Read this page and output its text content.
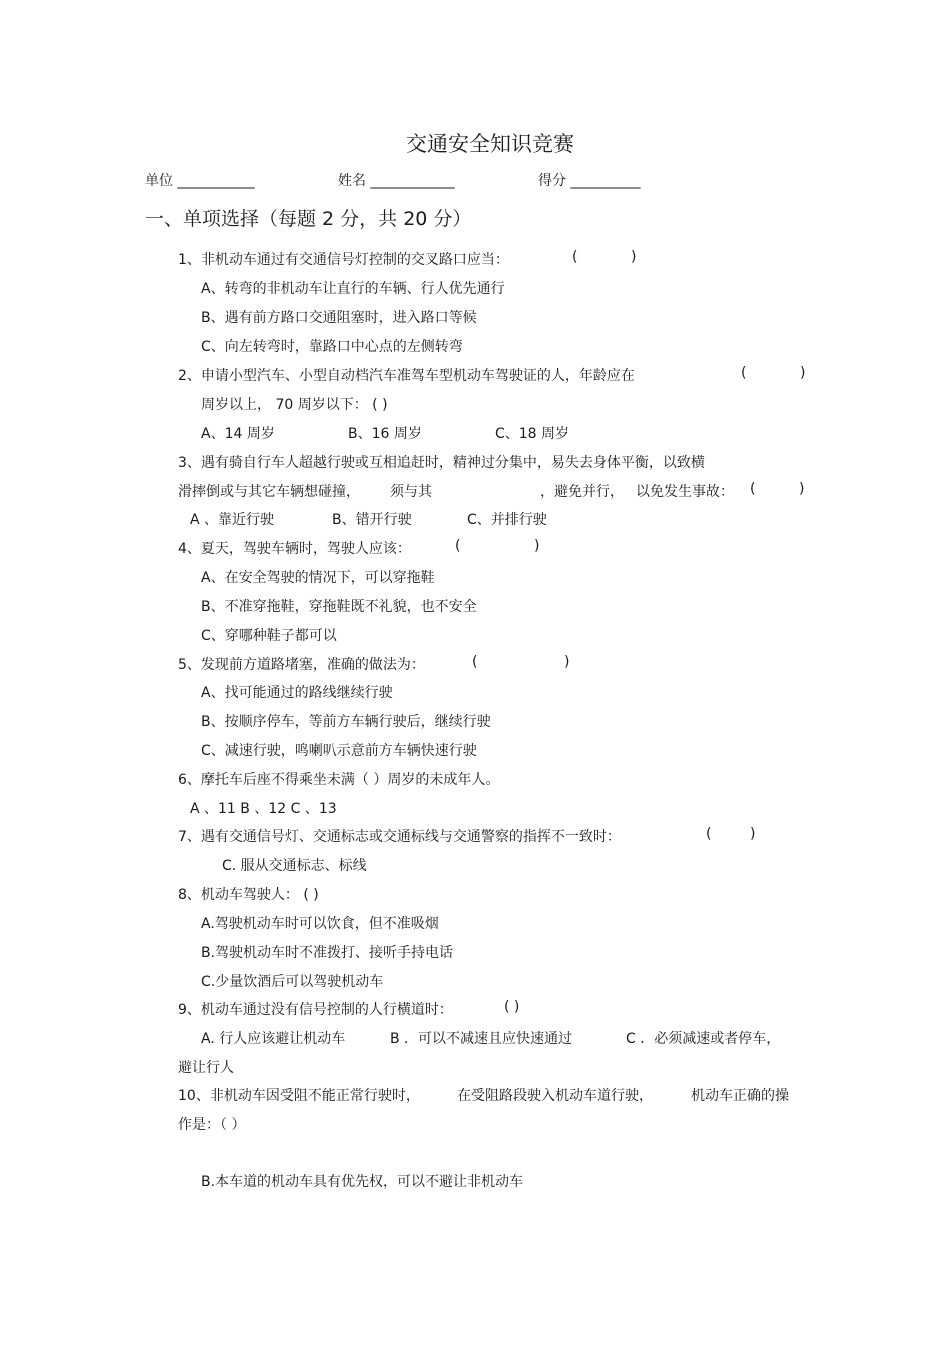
交通安全知识竞赛
单位 ___________	姓名 ____________	得分 __________
一、单项选择（每题 2 分，共 20 分）
1、非机动车通过有交通信号灯控制的交叉路口应当：	(	)
A、转弯的非机动车让直行的车辆、行人优先通行
B、遇有前方路口交通阻塞时，进入路口等候
C、向左转弯时，靠路口中心点的左侧转弯
2、申请小型汽车、小型自动档汽车准驾车型机动车驾驶证的人，年龄应在	(	)
周岁以上， 70 周岁以下： ( )
A、14 周岁	B、16 周岁	C、18 周岁
3、遇有骑自行车人超越行驶或互相追赶时，精神过分集中，易失去身体平衡，以致横
滑摔倒或与其它车辆想碰撞， 须与其	，避免并行， 以免发生事故： (	)
A 、靠近行驶	B、错开行驶	C、并排行驶
4、夏天，驾驶车辆时，驾驶人应该：	(	)
A、在安全驾驶的情况下，可以穿拖鞋
B、不准穿拖鞋，穿拖鞋既不礼貌，也不安全
C、穿哪种鞋子都可以
5、发现前方道路堵塞，准确的做法为：	(	)
A、找可能通过的路线继续行驶
B、按顺序停车，等前方车辆行驶后，继续行驶
C、减速行驶，鸣喇叭示意前方车辆快速行驶
6、摩托车后座不得乘坐未满（ ）周岁的未成年人。
A 、11 B 、12 C 、13
7、遇有交通信号灯、交通标志或交通标线与交通警察的指挥不一致时：	(	)
C. 服从交通标志、标线
8、机动车驾驶人： ( )
A.驾驶机动车时可以饮食，但不准吸烟
B.驾驶机动车时不准拨打、接听手持电话
C.少量饮酒后可以驾驶机动车
9、机动车通过没有信号控制的人行横道时：	( )
A. 行人应该避让机动车	B ．可以不减速且应快速通过	C ．必须减速或者停车，
避让行人
10、非机动车因受阻不能正常行驶时，	在受阻路段驶入机动车道行驶，	机动车正确的操
作是：（ ）
B.本车道的机动车具有优先权，可以不避让非机动车
